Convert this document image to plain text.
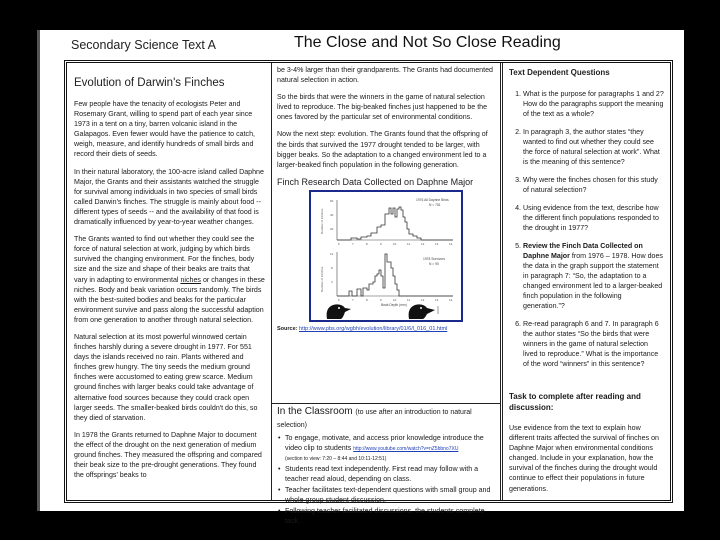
Secondary Science Text A	The Close and Not So Close Reading
Evolution of Darwin's Finches

Few people have the tenacity of ecologists Peter and Rosemary Grant, willing to spend part of each year since 1973 in a tent on a tiny, barren volcanic island in the Galapagos. Even fewer would have the patience to catch, weigh, measure, and identify hundreds of small birds and record their diets of seeds.

In their natural laboratory, the 100-acre island called Daphne Major, the Grants and their assistants watched the struggle for survival among individuals in two species of small birds called Darwin's finches. The struggle is mainly about food -- different types of seeds -- and the availability of that food is dramatically influenced by year-to-year weather changes.

The Grants wanted to find out whether they could see the force of natural selection at work, judging by which birds survived the changing environment. For the finches, body size and the size and shape of their beaks are traits that vary in adapting to environmental niches or changes in these niches. Body and beak variation occurs randomly. The birds with the best-suited bodies and beaks for the particular environment survive and pass along the successful adaption from one generation to another through natural selection.

Natural selection at its most powerful winnowed certain finches harshly during a severe drought in 1977. For 551 days the islands received no rain. Plants withered and finches grew hungry. The tiny seeds the medium ground finches were accustomed to eating grew scarce. Medium ground finches with larger beaks could take advantage of alternative food sources because they could crack open larger seeds. The smaller-beaked birds couldn't do this, so they died of starvation.

In 1978 the Grants returned to Daphne Major to document the effect of the drought on the next generation of medium ground finches. They measured the offspring and compared their beak size to the pre-drought generations. They found the offsprings' beaks to

be 3-4% larger than their grandparents. The Grants had documented natural selection in action.

So the birds that were the winners in the game of natural selection lived to reproduce. The big-beaked finches just happened to be the ones favored by the particular set of environmental conditions.

Now the next step: evolution. The Grants found that the offspring of the birds that survived the 1977 drought tended to be larger, with bigger beaks. So the adaptation to a changed environment led to a larger-beaked finch population in the following generation.

Finch Research Data Collected on Daphne Major
60
40
20
Number of Finches
1976 All Daphne Birds
N = 751
6	7	8	9	10	11	12	13	14
12
8
4
Number of Finches
1978 Survivors
N = 90
6	7	8	9	10	11	12	13	14
Beak Depth (mm)
Source: http://www.pbs.org/wgbh/evolution/library/01/6/l_016_01.html
In the Classroom (to use after an introduction to natural selection)
• To engage, motivate, and access prior knowledge introduce the video clip to students http://www.youtube.com/watch?v=nZ5bbno7XU
(section to view: 7:20 – 8:44 and 10:11-12:51)
• Students read text independently. First read may follow with a teacher read aloud, depending on class.
• Teacher facilitates text-dependent questions with small group and whole group student discussion.
• Following teacher facilitated discussions, the students complete task.
Text Dependent Questions
1. What is the purpose for paragraphs 1 and 2? How do the paragraphs support the meaning of the text as a whole?
2. In paragraph 3, the author states “they wanted to find out whether they could see the force of natural selection at work”. What is the meaning of this sentence?
3. Why were the finches chosen for this study of natural selection?
4. Using evidence from the text, describe how the different finch populations responded to the drought in 1977?
5. Review the Finch Data Collected on Daphne Major from 1976 – 1978. How does the data in the graph support the statement in paragraph 7: “So, the adaptation to a changed environment led to a larger-beaked finch population in the following generation.”?
6. Re-read paragraph 6 and 7. In paragraph 6 the author states “So the birds that were winners in the game of natural selection lived to reproduce.” What is the importance of the word “winners” in this sentence?
Task to complete after reading and discussion:

Use evidence from the text to explain how different traits affected the survival of finches on Daphne Major when environmental conditions changed. Include in your explanation, how the survival of the finches during the drought would continue to effect their populations in future generations.
